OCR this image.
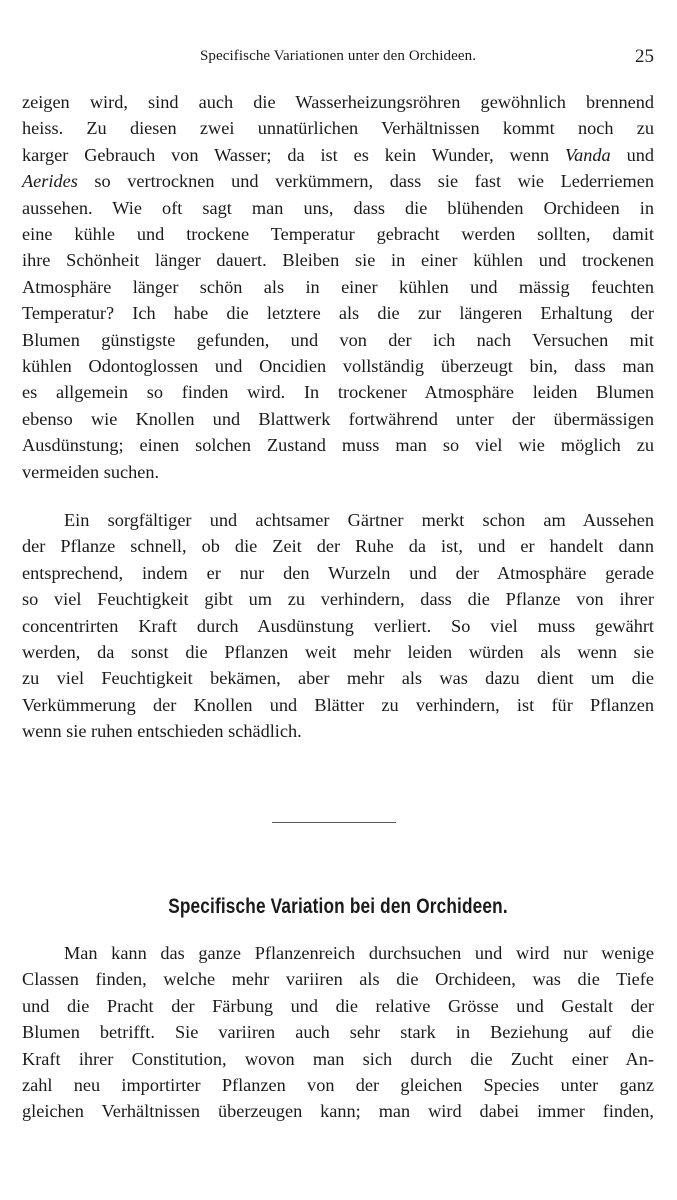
Specifische Variationen unter den Orchideen.	25

zeigen wird, sind auch die Wasserheizungsröhren gewöhnlich brennend
heiss. Zu diesen zwei unnatürlichen Verhältnissen kommt noch zu
karger Gebrauch von Wasser; da ist es kein Wunder, wenn Vanda und
Aerides so vertrocknen und verkümmern, dass sie fast wie Lederriemen
aussehen. Wie oft sagt man uns, dass die blühenden Orchideen in
eine kühle und trockene Temperatur gebracht werden sollten, damit
ihre Schönheit länger dauert. Bleiben sie in einer kühlen und trockenen
Atmosphäre länger schön als in einer kühlen und mässig feuchten
Temperatur? Ich habe die letztere als die zur längeren Erhaltung der
Blumen günstigste gefunden, und von der ich nach Versuchen mit
kühlen Odontoglossen und Oncidien vollständig überzeugt bin, dass man
es allgemein so finden wird. In trockener Atmosphäre leiden Blumen
ebenso wie Knollen und Blattwerk fortwährend unter der übermässigen
Ausdünstung; einen solchen Zustand muss man so viel wie möglich zu
vermeiden suchen.

Ein sorgfältiger und achtsamer Gärtner merkt schon am Aussehen
der Pflanze schnell, ob die Zeit der Ruhe da ist, und er handelt dann
entsprechend, indem er nur den Wurzeln und der Atmosphäre gerade
so viel Feuchtigkeit gibt um zu verhindern, dass die Pflanze von ihrer
concentrirten Kraft durch Ausdünstung verliert. So viel muss gewährt
werden, da sonst die Pflanzen weit mehr leiden würden als wenn sie
zu viel Feuchtigkeit bekämen, aber mehr als was dazu dient um die
Verkümmerung der Knollen und Blätter zu verhindern, ist für Pflanzen
wenn sie ruhen entschieden schädlich.

Specifische Variation bei den Orchideen.

Man kann das ganze Pflanzenreich durchsuchen und wird nur wenige
Classen finden, welche mehr variiren als die Orchideen, was die Tiefe
und die Pracht der Färbung und die relative Grösse und Gestalt der
Blumen betrifft. Sie variiren auch sehr stark in Beziehung auf die
Kraft ihrer Constitution, wovon man sich durch die Zucht einer An-
zahl neu importirter Pflanzen von der gleichen Species unter ganz
gleichen Verhältnissen überzeugen kann; man wird dabei immer finden,
